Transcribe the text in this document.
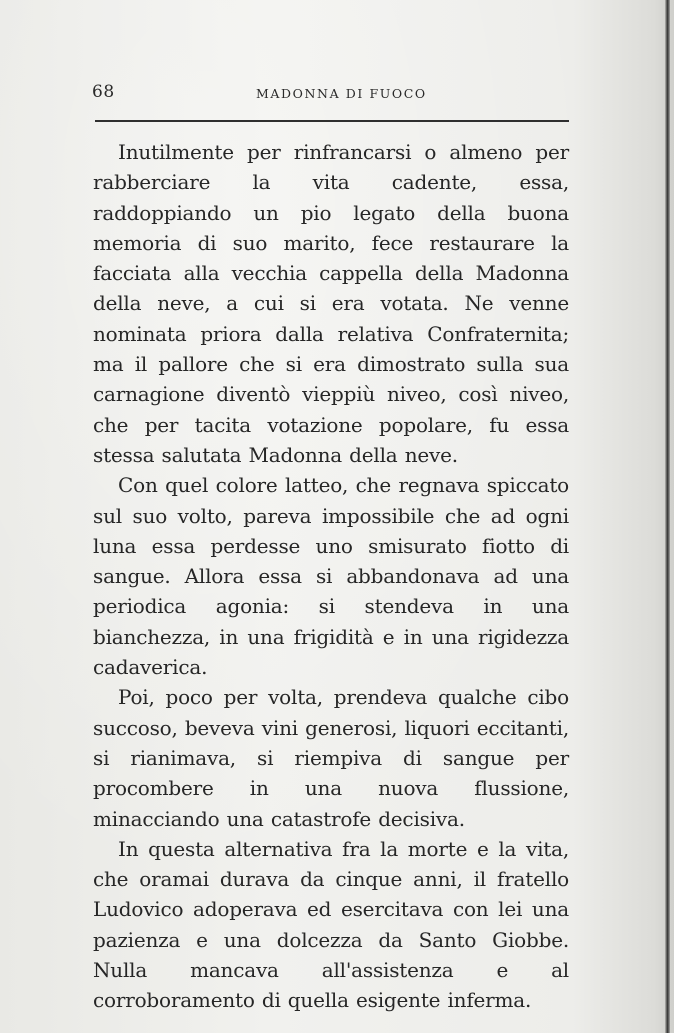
68	MADONNA DI FUOCO

Inutilmente per rinfrancarsi o almeno per rabberciare la vita cadente, essa, raddoppiando un pio legato della buona memoria di suo marito, fece restaurare la facciata alla vecchia cappella della Madonna della neve, a cui si era votata. Ne venne nominata priora dalla relativa Confraternita; ma il pallore che si era dimostrato sulla sua carnagione diventò vieppiù niveo, così niveo, che per tacita votazione popolare, fu essa stessa salutata Madonna della neve.

Con quel colore latteo, che regnava spiccato sul suo volto, pareva impossibile che ad ogni luna essa perdesse uno smisurato fiotto di sangue. Allora essa si abbandonava ad una periodica agonia: si stendeva in una bianchezza, in una frigidità e in una rigidezza cadaverica.

Poi, poco per volta, prendeva qualche cibo succoso, beveva vini generosi, liquori eccitanti, si rianimava, si riempiva di sangue per procombere in una nuova flussione, minacciando una catastrofe decisiva.

In questa alternativa fra la morte e la vita, che oramai durava da cinque anni, il fratello Ludovico adoperava ed esercitava con lei una pazienza e una dolcezza da Santo Giobbe. Nulla mancava all'assistenza e al corroboramento di quella esigente inferma.
